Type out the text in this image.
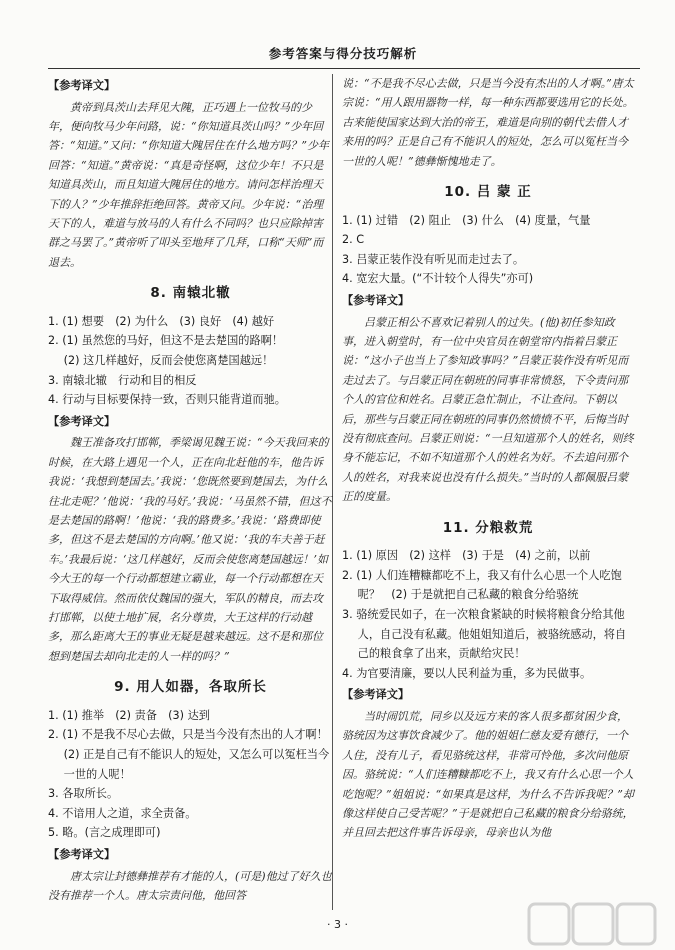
参考答案与得分技巧解析
【 参考译文 】

黄帝到具茨山去拜见大隗，正巧遇上一位牧马的少年，便向牧马少年问路，说：“你知道具茨山吗？”少年回答：“知道。”又问：“你知道大隗居住在什么地方吗？”少年回答：“知道。”黄帝说：“真是奇怪啊，这位少年！不只是知道具茨山，而且知道大隗居住的地方。请问怎样治理天下的人？”少年推辞拒绝回答。黄帝又问。少年说：“治理天下的人，难道与放马的人有什么不同吗？也只应除掉害群之马罢了。”黄帝听了叩头至地拜了几拜，口称“天师”而退去。

8. 南辕北辙

1. (1) 想要　(2) 为什么　(3) 良好　(4) 越好

2. (1) 虽然您的马好，但这不是去楚国的路啊！

(2) 这几样越好，反而会使您离楚国越远！

3. 南辕北辙　行动和目的相反

4. 行动与目标要保持一致，否则只能背道而驰。

【 参考译文 】

魏王准备攻打邯郸，季梁谒见魏王说：“今天我回来的时候，在大路上遇见一个人，正在向北赶他的车，他告诉我说：‘我想到楚国去。’我说：‘您既然要到楚国去，为什么往北走呢？’他说：‘我的马好。’我说：‘马虽然不错，但这不是去楚国的路啊！’他说：‘我的路费多。’我说：‘路费即使多，但这不是去楚国的方向啊。’他又说：‘我的车夫善于赶车。’我最后说：‘这几样越好，反而会使您离楚国越远！’如今大王的每一个行动都想建立霸业，每一个行动都想在天下取得威信。然而依仗魏国的强大，军队的精良，而去攻打邯郸，以使土地扩展，名分尊贵，大王这样的行动越多，那么距离大王的事业无疑是越来越远。这不是和那位想到楚国去却向北走的人一样的吗？”

9. 用人如器，各取所长

1. (1) 推举　(2) 责备　(3) 达到

2. (1) 不是我不尽心去做，只是当今没有杰出的人才啊！　(2) 正是自己有不能识人的短处，又怎么可以冤枉当今一世的人呢！

3. 各取所长。

4. 不谙用人之道，求全责备。

5. 略。(言之成理即可)

【 参考译文 】

唐太宗让封德彝推荐有才能的人，(可是)他过了好久也没有推荐一个人。唐太宗责问他，他回答

说：“不是我不尽心去做，只是当今没有杰出的人才啊。”唐太宗说：“用人跟用器物一样，每一种东西都要选用它的长处。古来能使国家达到大治的帝王，难道是向别的朝代去借人才来用的吗？正是自己有不能识人的短处，怎么可以冤枉当今一世的人呢！”德彝惭愧地走了。

10. 吕 蒙 正

1. (1) 过错　(2) 阻止　(3) 什么　(4) 度量，气量

2. C

3. 吕蒙正装作没有听见而走过去了。

4. 宽宏大量。(“不计较个人得失”亦可)

【 参考译文 】

吕蒙正相公不喜欢记着别人的过失。(他)初任参知政事，进入朝堂时，有一位中央官员在朝堂帘内指着吕蒙正说：“这小子也当上了参知政事吗？”吕蒙正装作没有听见而走过去了。与吕蒙正同在朝班的同事非常愤怒，下令责问那个人的官位和姓名。吕蒙正急忙制止，不让查问。下朝以后，那些与吕蒙正同在朝班的同事仍然愤愤不平，后悔当时没有彻底查问。吕蒙正则说：“一旦知道那个人的姓名，则终身不能忘记，不如不知道那个人的姓名为好。不去追问那个人的姓名，对我来说也没有什么损失。”当时的人都佩服吕蒙正的度量。

11. 分粮救荒

1. (1) 原因　(2) 这样　(3) 于是　(4) 之前，以前

2. (1) 人们连糟糠都吃不上，我又有什么心思一个人吃饱呢？　(2) 于是就把自己私藏的粮食分给骆统

3. 骆统爱民如子，在一次粮食紧缺的时候将粮食分给其他人，自己没有私藏。他姐姐知道后，被骆统感动，将自己的粮食拿了出来，贡献给灾民！

4. 为官要清廉，要以人民利益为重，多为民做事。

【 参考译文 】

当时闹饥荒，同乡以及远方来的客人很多都贫困少食，骆统因为这事饮食减少了。他的姐姐仁慈友爱有德行，一个人住，没有儿子，看见骆统这样，非常可怜他，多次问他原因。骆统说：“人们连糟糠都吃不上，我又有什么心思一个人吃饱呢？”姐姐说：“如果真是这样，为什么不告诉我呢？”却像这样使自己受苦呢？”于是就把自己私藏的粮食分给骆统，并且回去把这件事告诉母亲，母亲也认为他

· 3 ·
